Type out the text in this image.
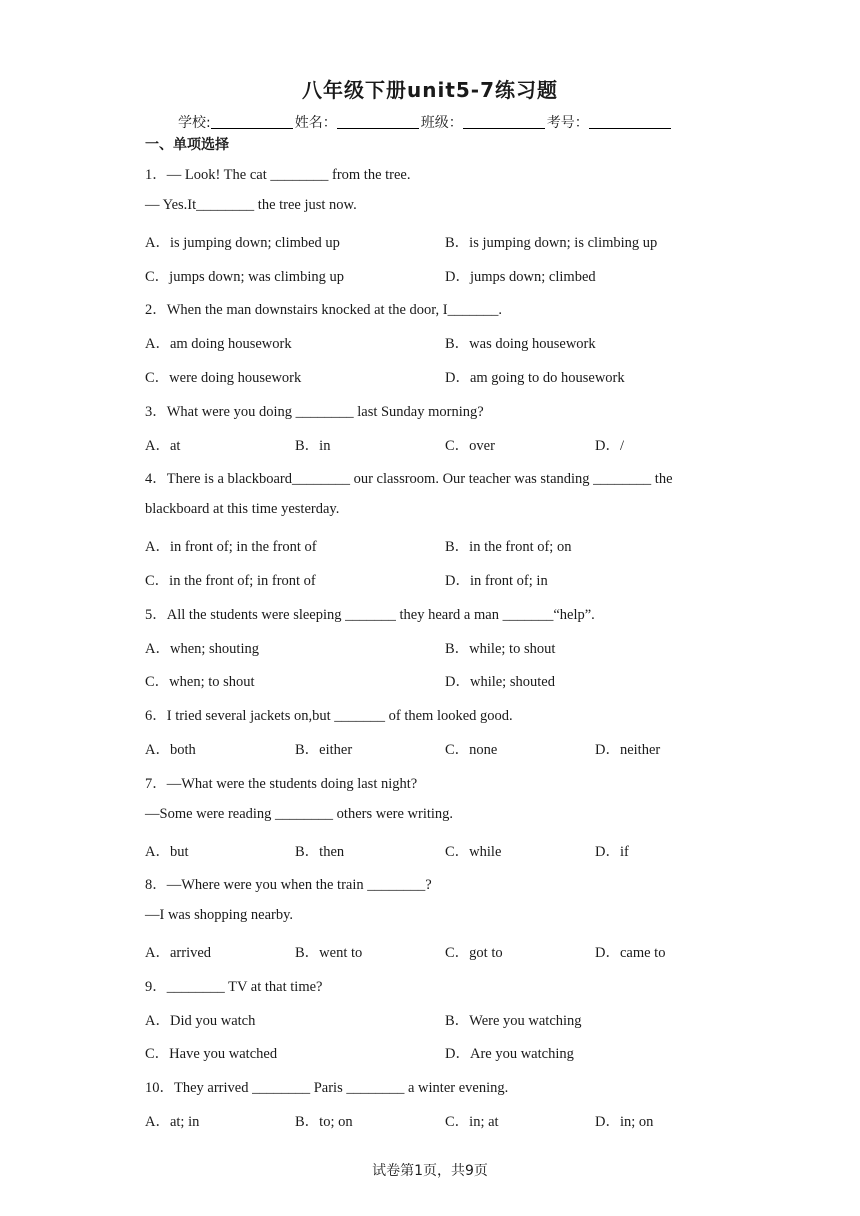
八年级下册unit5-7练习题
学校:	姓名：	班级：	考号：
一、单项选择
1．— Look! The cat ________ from the tree.
— Yes.It________ the tree just now.
2．When the man downstairs knocked at the door, I_______.
3．What were you doing ________ last Sunday morning?
4．There is a blackboard________ our classroom. Our teacher was standing ________ the
blackboard at this time yesterday.
5．All the students were sleeping _______ they heard a man _______“help”.
6．I tried several jackets on,but _______ of them looked good.
7．—What were the students doing last night?
—Some were reading ________ others were writing.
8．—Where were you when the train ________?
—I was shopping nearby.
9．________ TV at that time?
10．They arrived ________ Paris ________ a winter evening.
A．is jumping down; climbed up	B．is jumping down; is climbing up
C．jumps down; was climbing up	D．jumps down; climbed
A．am doing housework	B．was doing housework
C．were doing housework	D．am going to do housework
A．at	B．in	C．over	D．/
A．in front of; in the front of	B．in the front of; on
C．in the front of; in front of	D．in front of; in
A．when; shouting	B．while; to shout
C．when; to shout	D．while; shouted
A．both	B．either	C．none	D．neither
A．but	B．then	C．while	D．if
A．arrived	B．went to	C．got to	D．came to
A．Did you watch	B．Were you watching
C．Have you watched	D．Are you watching
A．at; in	B．to; on	C．in; at	D．in; on
试卷第1页，共9页
